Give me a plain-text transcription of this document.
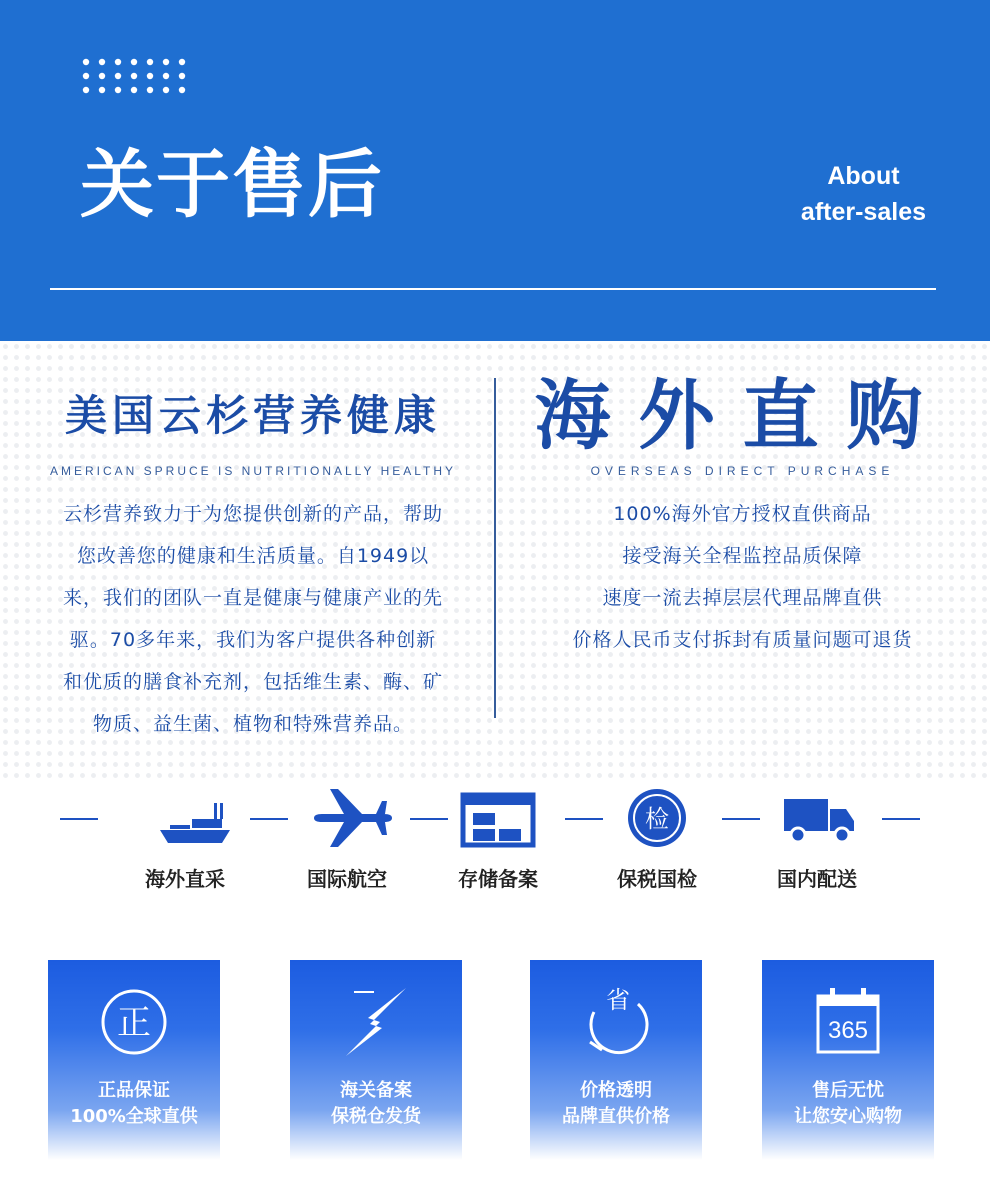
关于售后	About
after-sales
美国云杉营养健康
AMERICAN SPRUCE IS NUTRITIONALLY HEALTHY
云杉营养致力于为您提供创新的产品，帮助
您改善您的健康和生活质量。自1949以
来，我们的团队一直是健康与健康产业的先
驱。70多年来，我们为客户提供各种创新
和优质的膳食补充剂，包括维生素、酶、矿
物质、益生菌、植物和特殊营养品。
海外直购
OVERSEAS DIRECT PURCHASE
100%海外官方授权直供商品
接受海关全程监控品质保障
速度一流去掉层层代理品牌直供
价格人民币支付拆封有质量问题可退货
海外直采	国际航空	存储备案
检
保税国检	国内配送
正
正品保证
100%全球直供
海关备案
保税仓发货
省
价格透明
品牌直供价格
365
售后无忧
让您安心购物
